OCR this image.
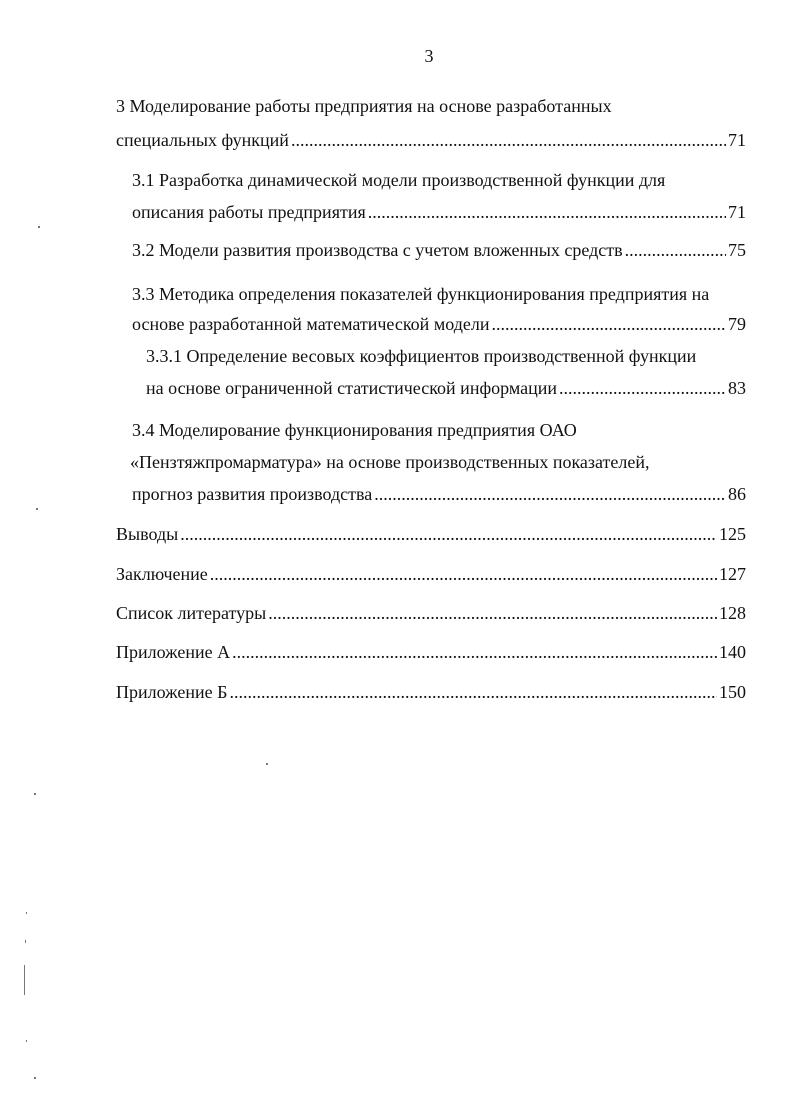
3
3 Моделирование работы предприятия на основе разработанных
специальных функций .....	71
3.1 Разработка динамической модели производственной функции для
описания работы предприятия .....	71
3.2 Модели развития производства с учетом вложенных средств .....	75
3.3 Методика определения показателей функционирования предприятия на
основе разработанной математической модели .....	79
3.3.1 Определение весовых коэффициентов производственной функции
на основе ограниченной статистической информации .....	83
3.4 Моделирование функционирования предприятия ОАО
«Пензтяжпромарматура» на основе производственных показателей,
прогноз развития производства .....	86
Выводы .....	125
Заключение .....	127
Список литературы .....	128
Приложение А .....	140
Приложение Б .....	150
